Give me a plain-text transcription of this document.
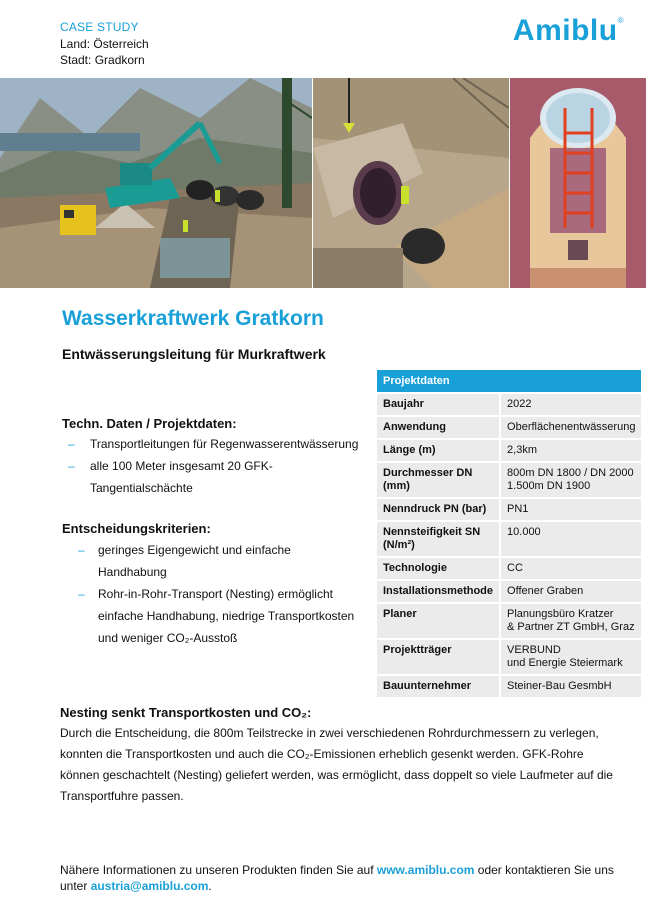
CASE STUDY
Land: Österreich
Stadt: Gradkorn
Amiblu®
Wasserkraftwerk Gratkorn
Entwässerungsleitung für Murkraftwerk
Techn. Daten / Projektdaten:
– Transportleitungen für Regenwasserentwässerung
– alle 100 Meter insgesamt 20 GFK-Tangentialschächte
Entscheidungskriterien:
– geringes Eigengewicht und einfache Handhabung
– Rohr-in-Rohr-Transport (Nesting) ermöglicht einfache Handhabung, niedrige Transportkosten und weniger CO₂-Ausstoß
Projektdaten	
Baujahr	2022
Anwendung	Oberflächenentwässerung
Länge (m)	2,3km
Durchmesser DN (mm)	800m DN 1800 / DN 2000
1.500m DN 1900
Nenndruck PN (bar)	PN1
Nennsteifigkeit SN (N/m²)	10.000
Technologie	CC
Installationsmethode	Offener Graben
Planer	Planungsbüro Kratzer
& Partner ZT GmbH, Graz
Projektträger	VERBUND
und Energie Steiermark
Bauunternehmer	Steiner-Bau GesmbH
Nesting senkt Transportkosten und CO₂:
Durch die Entscheidung, die 800m Teilstrecke in zwei verschiedenen Rohrdurchmessern zu verlegen, konnten die Transportkosten und auch die CO₂-Emissionen erheblich gesenkt werden. GFK-Rohre können geschachtelt (Nesting) geliefert werden, was ermöglicht, dass doppelt so viele Laufmeter auf die Transportfuhre passen.
Nähere Informationen zu unseren Produkten finden Sie auf www.amiblu.com oder kontaktieren Sie uns unter austria@amiblu.com.
